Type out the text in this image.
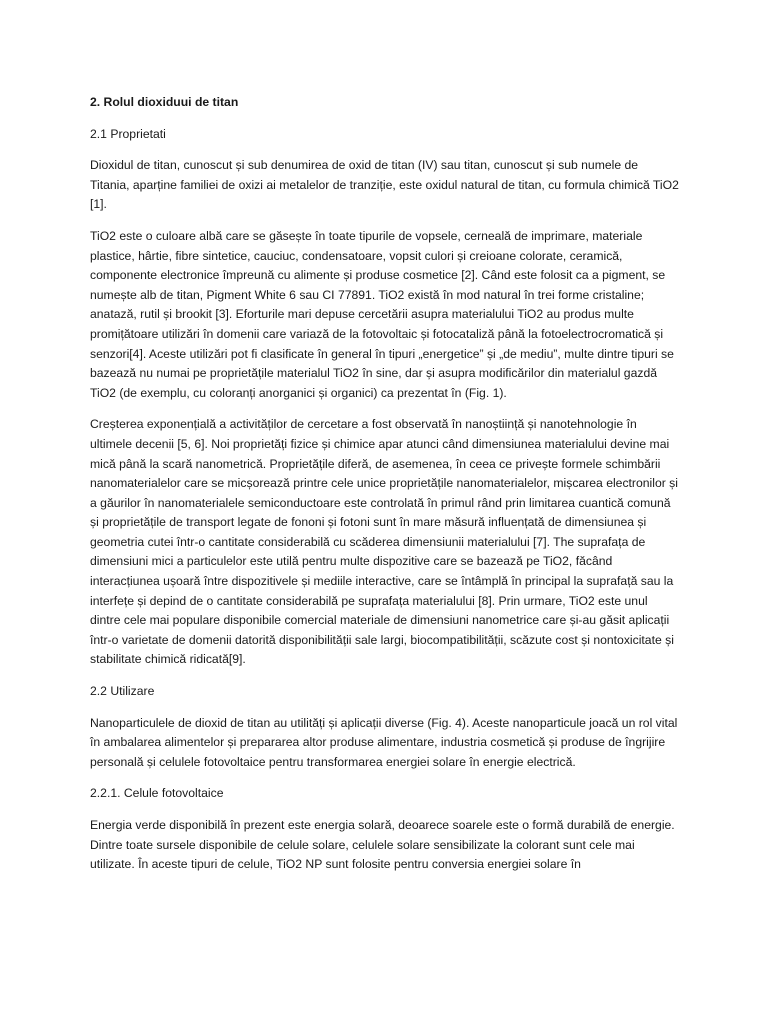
2. Rolul dioxiduui de titan
2.1 Proprietati

Dioxidul de titan, cunoscut și sub denumirea de oxid de titan (IV) sau titan, cunoscut și sub numele de Titania, aparține familiei de oxizi ai metalelor de tranziție, este oxidul natural de titan, cu formula chimică TiO2 [1].

TiO2 este o culoare albă care se găsește în toate tipurile de vopsele, cerneală de imprimare, materiale plastice, hârtie, fibre sintetice, cauciuc, condensatoare, vopsit culori și creioane colorate, ceramică, componente electronice împreună cu alimente și produse cosmetice [2]. Când este folosit ca a pigment, se numește alb de titan, Pigment White 6 sau CI 77891. TiO2 există în mod natural în trei forme cristaline; anatază, rutil și brookit [3]. Eforturile mari depuse cercetării asupra materialului TiO2 au produs multe promițătoare utilizări în domenii care variază de la fotovoltaic și fotocataliză până la fotoelectrocromatică și senzori[4]. Aceste utilizări pot fi clasificate în general în tipuri „energetice” și „de mediu”, multe dintre tipuri se bazează nu numai pe proprietățile materialul TiO2 în sine, dar și asupra modificărilor din materialul gazdă TiO2 (de exemplu, cu coloranți anorganici și organici) ca prezentat în (Fig. 1).

Creșterea exponențială a activităților de cercetare a fost observată în nanoștiință și nanotehnologie în ultimele decenii [5, 6]. Noi proprietăți fizice și chimice apar atunci când dimensiunea materialului devine mai mică până la scară nanometrică. Proprietățile diferă, de asemenea, în ceea ce privește formele schimbării nanomaterialelor care se micșorează printre cele unice proprietățile nanomaterialelor, mișcarea electronilor și a găurilor în nanomaterialele semiconductoare este controlată în primul rând prin limitarea cuantică comună și proprietățile de transport legate de fononi și fotoni sunt în mare măsură influențată de dimensiunea și geometria cutei într-o cantitate considerabilă cu scăderea dimensiunii materialului [7]. The suprafața de dimensiuni mici a particulelor este utilă pentru multe dispozitive care se bazează pe TiO2, făcând interacțiunea ușoară între dispozitivele și mediile interactive, care se întâmplă în principal la suprafață sau la interfețe și depind de o cantitate considerabilă pe suprafața materialului [8]. Prin urmare, TiO2 este unul dintre cele mai populare disponibile comercial materiale de dimensiuni nanometrice care și-au găsit aplicații într-o varietate de domenii datorită disponibilității sale largi, biocompatibilității, scăzute cost și nontoxicitate și stabilitate chimică ridicată[9].

2.2 Utilizare

Nanoparticulele de dioxid de titan au utilități și aplicații diverse (Fig. 4). Aceste nanoparticule joacă un rol vital în ambalarea alimentelor și prepararea altor produse alimentare, industria cosmetică și produse de îngrijire personală și celulele fotovoltaice pentru transformarea energiei solare în energie electrică.

2.2.1. Celule fotovoltaice

Energia verde disponibilă în prezent este energia solară, deoarece soarele este o formă durabilă de energie. Dintre toate sursele disponibile de celule solare, celulele solare sensibilizate la colorant sunt cele mai utilizate. În aceste tipuri de celule, TiO2 NP sunt folosite pentru conversia energiei solare în
